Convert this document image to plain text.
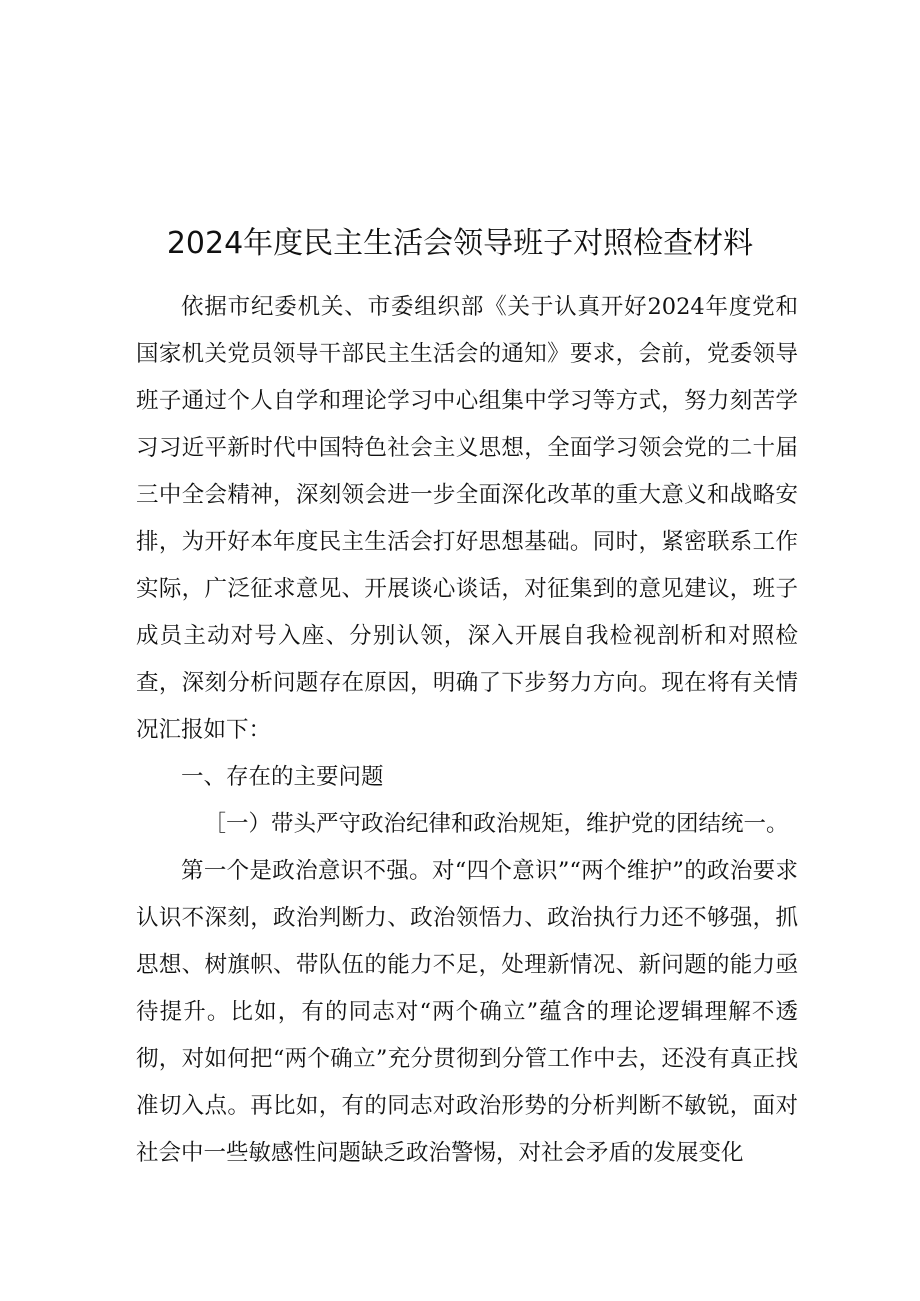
2024年度民主生活会领导班子对照检查材料

依据市纪委机关、市委组织部《关于认真开好2024年度党和国家机关党员领导干部民主生活会的通知》要求，会前，党委领导班子通过个人自学和理论学习中心组集中学习等方式，努力刻苦学习习近平新时代中国特色社会主义思想，全面学习领会党的二十届三中全会精神，深刻领会进一步全面深化改革的重大意义和战略安排，为开好本年度民主生活会打好思想基础。同时，紧密联系工作实际，广泛征求意见、开展谈心谈话，对征集到的意见建议，班子成员主动对号入座、分别认领，深入开展自我检视剖析和对照检查，深刻分析问题存在原因，明确了下步努力方向。现在将有关情况汇报如下：

一、存在的主要问题

［一）带头严守政治纪律和政治规矩，维护党的团结统一。

第一个是政治意识不强。对“四个意识”“两个维护”的政治要求认识不深刻，政治判断力、政治领悟力、政治执行力还不够强，抓思想、树旗帜、带队伍的能力不足，处理新情况、新问题的能力亟待提升。比如，有的同志对“两个确立”蕴含的理论逻辑理解不透彻，对如何把“两个确立”充分贯彻到分管工作中去，还没有真正找准切入点。再比如，有的同志对政治形势的分析判断不敏锐，面对社会中一些敏感性问题缺乏政治警惕，对社会矛盾的发展变化
